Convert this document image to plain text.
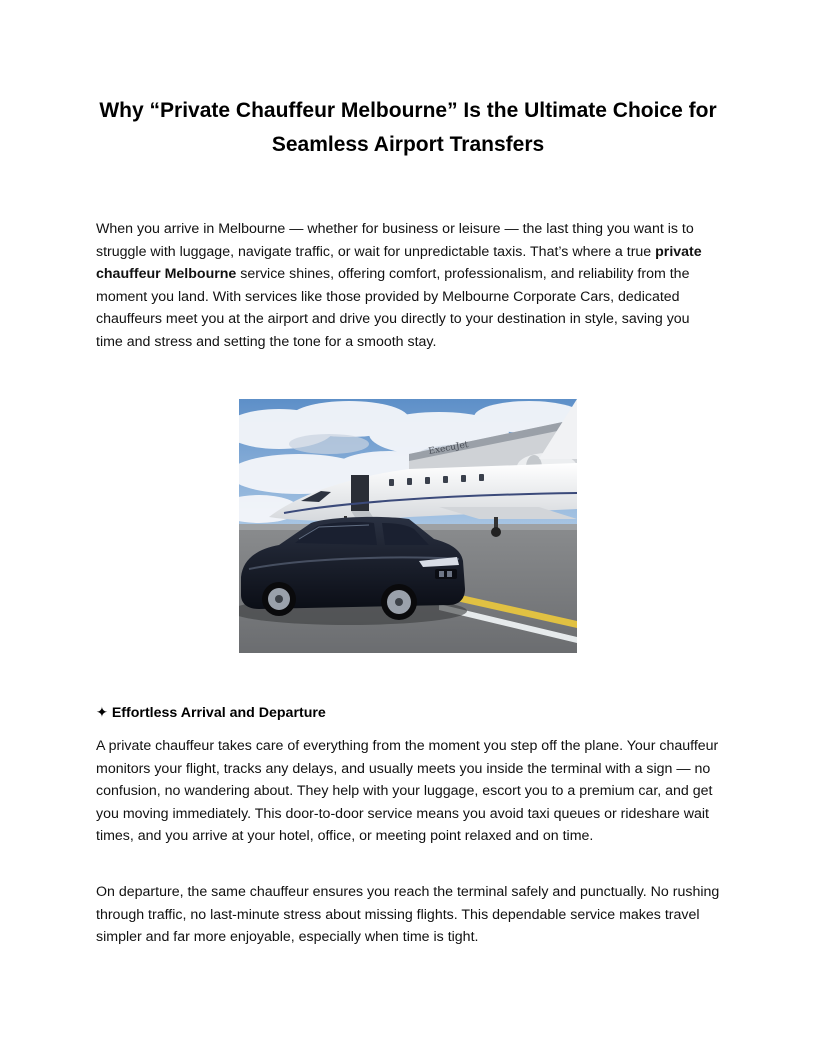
Why “Private Chauffeur Melbourne” Is the Ultimate Choice for Seamless Airport Transfers

When you arrive in Melbourne — whether for business or leisure — the last thing you want is to struggle with luggage, navigate traffic, or wait for unpredictable taxis. That’s where a true private chauffeur Melbourne service shines, offering comfort, professionalism, and reliability from the moment you land. With services like those provided by Melbourne Corporate Cars, dedicated chauffeurs meet you at the airport and drive you directly to your destination in style, saving you time and stress and setting the tone for a smooth stay.

ExecuJet
✦ Effortless Arrival and Departure

A private chauffeur takes care of everything from the moment you step off the plane. Your chauffeur monitors your flight, tracks any delays, and usually meets you inside the terminal with a sign — no confusion, no wandering about. They help with your luggage, escort you to a premium car, and get you moving immediately. This door-to-door service means you avoid taxi queues or rideshare wait times, and you arrive at your hotel, office, or meeting point relaxed and on time.

On departure, the same chauffeur ensures you reach the terminal safely and punctually. No rushing through traffic, no last-minute stress about missing flights. This dependable service makes travel simpler and far more enjoyable, especially when time is tight.
